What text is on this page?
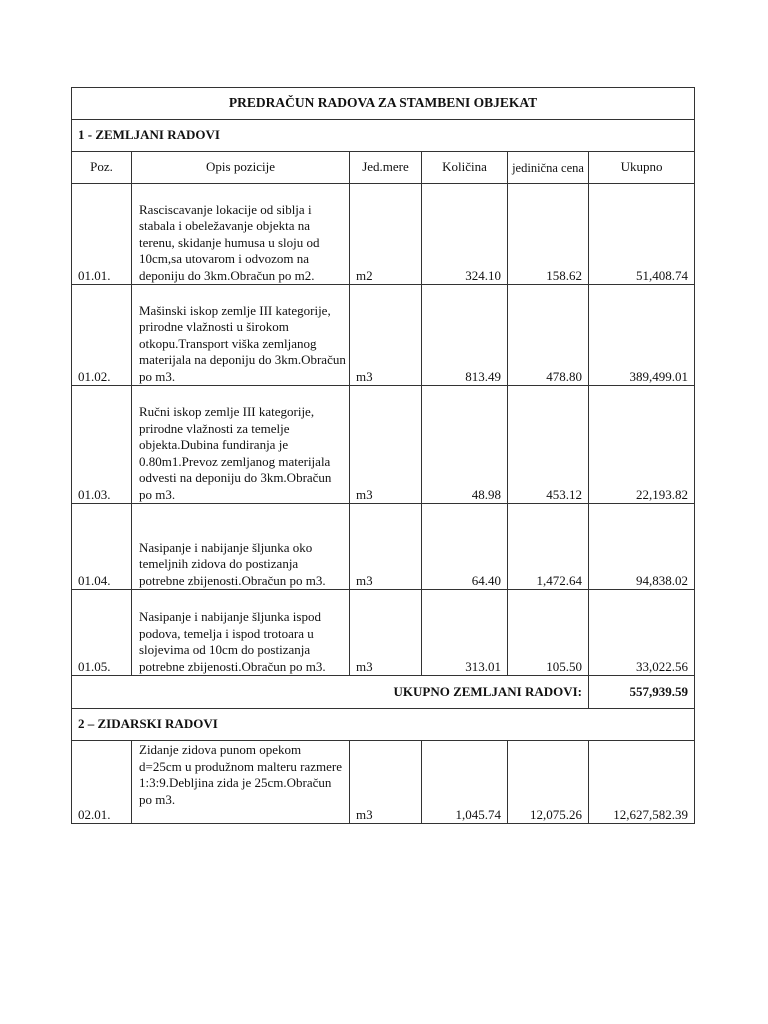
PREDRAČUN RADOVA ZA STAMBENI OBJEKAT					
1 - ZEMLJANI RADOVI					
Poz.	Opis pozicije	Jed.mere	Količina	jedinična cena	Ukupno
01.01.	Rasciscavanje lokacije od siblja i stabala i obeležavanje objekta na terenu, skidanje humusa u sloju od 10cm,sa utovarom i odvozom na deponiju do 3km.Obračun po m2.	m2	324.10	158.62	51,408.74
01.02.	Mašinski iskop zemlje III kategorije, prirodne vlažnosti u širokom otkopu.Transport viška zemljanog materijala na deponiju do 3km.Obračun po m3.	m3	813.49	478.80	389,499.01
01.03.	Ručni iskop zemlje III kategorije, prirodne vlažnosti za temelje objekta.Dubina fundiranja je 0.80m1.Prevoz zemljanog materijala odvesti na deponiju do 3km.Obračun po m3.	m3	48.98	453.12	22,193.82
01.04.	Nasipanje i nabijanje šljunka oko temeljnih zidova do postizanja potrebne zbijenosti.Obračun po m3.	m3	64.40	1,472.64	94,838.02
01.05.	Nasipanje i nabijanje šljunka ispod podova, temelja i ispod trotoara u slojevima od 10cm do postizanja potrebne zbijenosti.Obračun po m3.	m3	313.01	105.50	33,022.56
UKUPNO ZEMLJANI RADOVI:					557,939.59
2 – ZIDARSKI RADOVI					
02.01.	Zidanje zidova punom opekom d=25cm u produžnom malteru razmere 1:3:9.Debljina zida je 25cm.Obračun po m3.	m3	1,045.74	12,075.26	12,627,582.39
